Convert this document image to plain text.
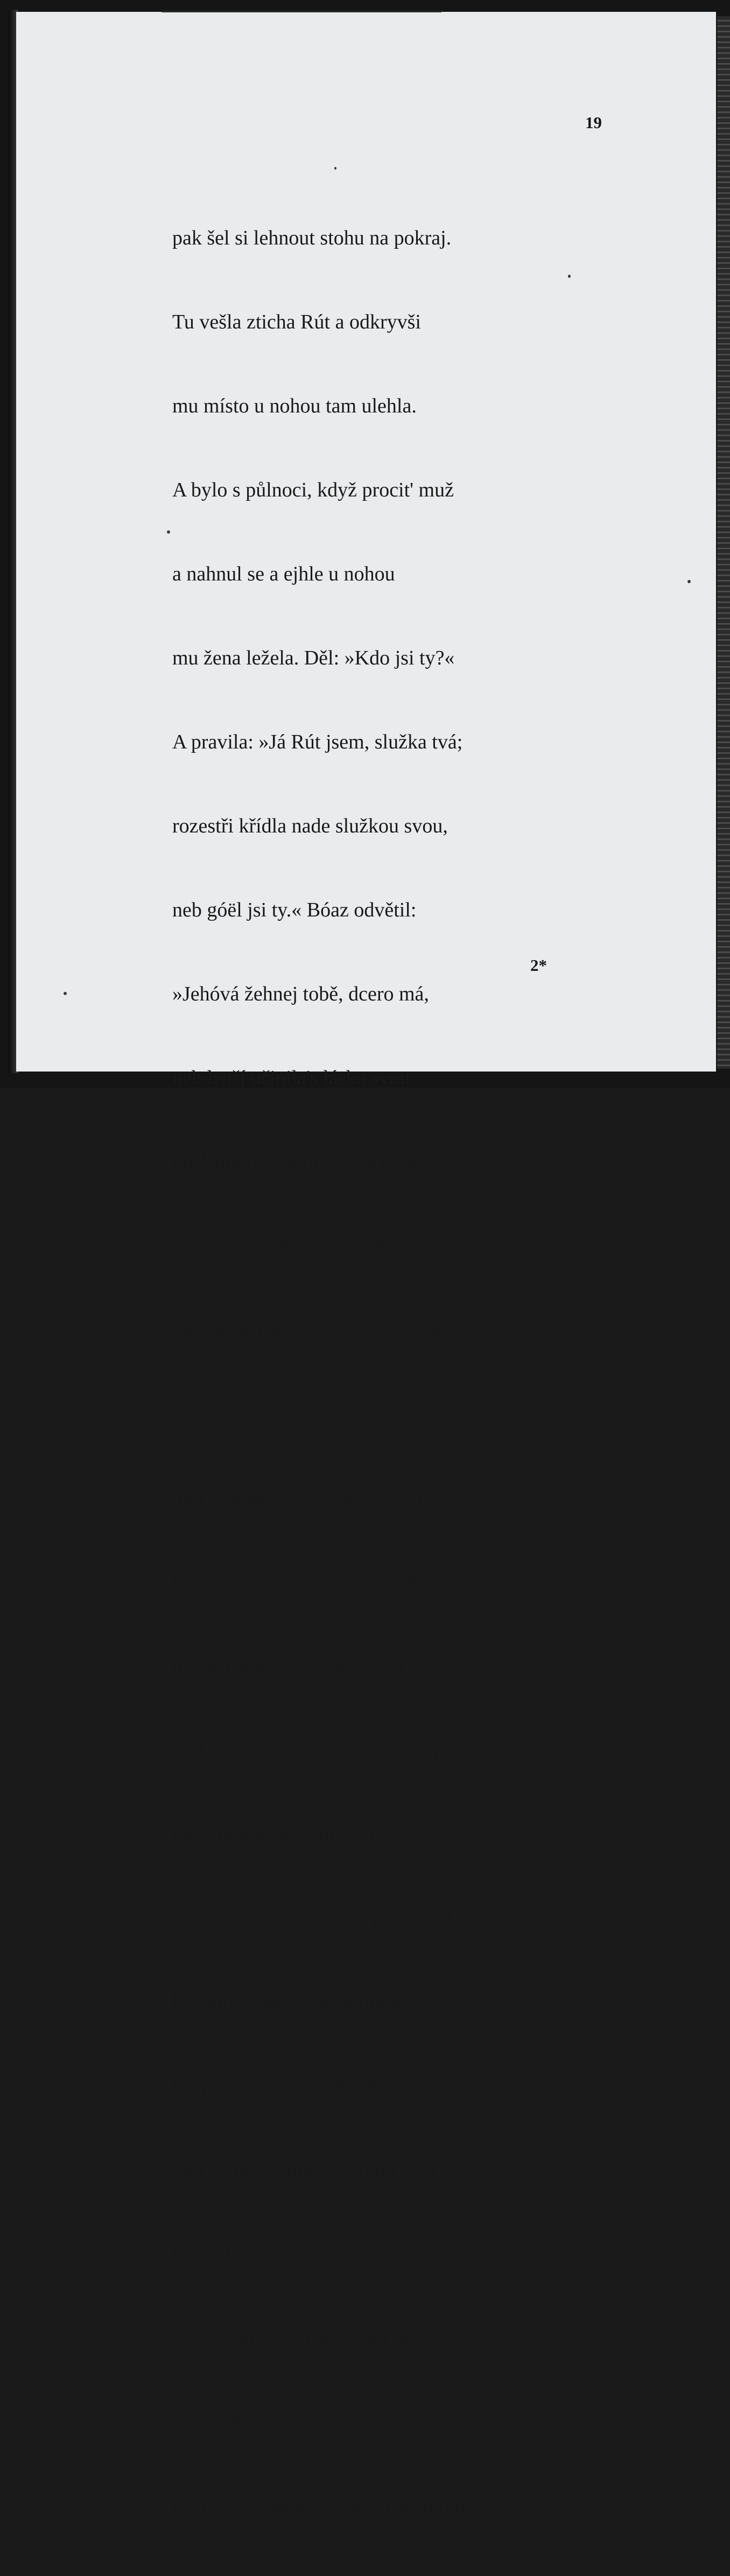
19

pak šel si lehnout stohu na pokraj.

Tu vešla zticha Rút a odkryvši

mu místo u nohou tam ulehla.

A bylo s půlnoci, když procit' muž

a nahnul se a ejhle u nohou

mu žena ležela. Děl: »Kdo jsi ty?«

A pravila: »Já Rút jsem, služka tvá;

rozestři křídla nade služkou svou,

neb góël jsi ty.« Bóaz odvětil:

»Jehóvá žehnej tobě, dcero má,

neb lepší učinila's lásku svou

poslední nad první, že za mládci

jsi nešla chudými ni s bohatstvím.

Teď, dcero má, nic neboj se. Vše, co

díš, učiním ti; víť lid veškerý

můj v bráně, že jsi žena statečná.

Leč třeba pravda, že jsem góël já,

tož jest zde přece góël bližší mne.

Teď přes noc odpočiň si, z rána pak,

když pojme on tě právem góële,

je dobře, nechať pojme; pakli však

by neměl chuti tebe pojmouti,

tož pojmu já tě, živtě Jehóvá!

Teď však si lehni (a spi) do rána.«

I uložila se mu u nohou

a spala do rána; pak vstala prv,

než mohl člověk druha rozeznat.

Neb pravil (Bóaz): »Nemá známo být,

2*
